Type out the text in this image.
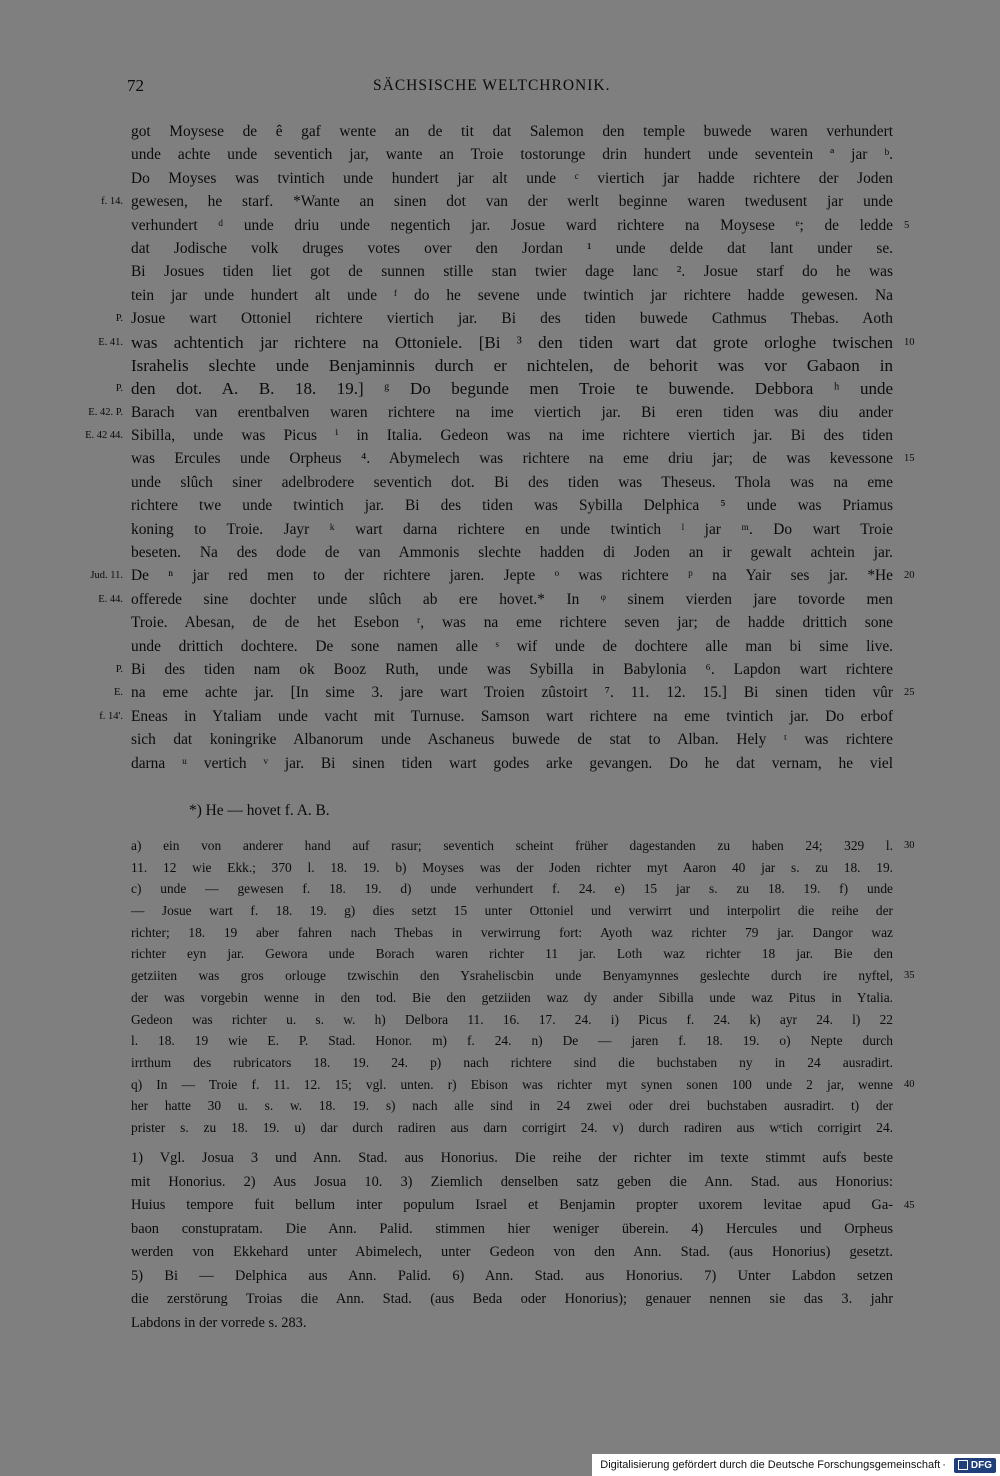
72	SÄCHSISCHE WELTCHRONIK.
got Moysese de ê gaf wente an de tit dat Salemon den temple buwede waren verhundert
unde achte unde seventich jar, wante an Troie tostorunge drin hundert unde seventein ª jar ᵇ.
Do Moyses was tvintich unde hundert jar alt unde ᶜ viertich jar hadde richtere der Joden
gewesen, he starf. *Wante an sinen dot van der werlt beginne waren twedusent jar unde
f. 14.
verhundert ᵈ unde driu unde negentich jar. Josue ward richtere na Moysese ᵉ; de ledde 5
dat Jodische volk druges votes over den Jordan ¹ unde delde dat lant under se.
Bi Josues tiden liet got de sunnen stille stan twier dage lanc ². Josue starf do he was
tein jar unde hundert alt unde ᶠ do he sevene unde twintich jar richtere hadde gewesen. Na
Josue wart Ottoniel richtere viertich jar. Bi des tiden buwede Cathmus Thebas. Aoth
P.
was achtentich jar richtere na Ottoniele. [Bi ³ den tiden wart dat grote orloghe twischen
E. 41.	10
Israhelis slechte unde Benjaminnis durch er nichtelen, de behorit was vor Gabaon in
den dot. A. B. 18. 19.] ᵍ Do begunde men Troie te buwende. Debbora ʰ unde
P.
Barach van erentbalven waren richtere na ime viertich jar. Bi eren tiden was diu ander
E. 42. P.
Sibilla, unde was Picus ⁱ in Italia. Gedeon was na ime richtere viertich jar. Bi des tiden
E. 42 44.
was Ercules unde Orpheus ⁴. Abymelech was richtere na eme driu jar; de was kevessone 15
unde slûch siner adelbrodere seventich dot. Bi des tiden was Theseus. Thola was na eme
richtere twe unde twintich jar. Bi des tiden was Sybilla Delphica ⁵ unde was Priamus
koning to Troie. Jayr ᵏ wart darna richtere en unde twintich ˡ jar ᵐ. Do wart Troie
beseten. Na des dode de van Ammonis slechte hadden di Joden an ir gewalt achtein jar.
De ⁿ jar red men to der richtere jaren. Jepte ᵒ was richtere ᵖ na Yair ses jar. *He
Jud. 11.	20
offerede sine dochter unde slûch ab ere hovet.* In ᵠ sinem vierden jare tovorde men
E. 44.
Troie. Abesan, de de het Esebon ʳ, was na eme richtere seven jar; de hadde drittich sone
unde drittich dochtere. De sone namen alle ˢ wif unde de dochtere alle man bi sime live.
Bi des tiden nam ok Booz Ruth, unde was Sybilla in Babylonia ⁶. Lapdon wart richtere
P.
na eme achte jar. [In sime 3. jare wart Troien zûstoirt ⁷. 11. 12. 15.] Bi sinen tiden vûr
E.	25
Eneas in Ytaliam unde vacht mit Turnuse. Samson wart richtere na eme tvintich jar. Do erbof
f. 14'.
sich dat koningrike Albanorum unde Aschaneus buwede de stat to Alban. Hely ᵗ was richtere
darna ᵘ vertich ᵛ jar. Bi sinen tiden wart godes arke gevangen. Do he dat vernam, he viel
*) He — hovet f. A. B.
a) ein von anderer hand auf rasur; seventich scheint früher dagestanden zu haben 24; 329 l. 30
11. 12 wie Ekk.; 370 l. 18. 19. b) Moyses was der Joden richter myt Aaron 40 jar s. zu 18. 19.
c) unde — gewesen f. 18. 19. d) unde verhundert f. 24. e) 15 jar s. zu 18. 19. f) unde
— Josue wart f. 18. 19. g) dies setzt 15 unter Ottoniel und verwirrt und interpolirt die reihe der
richter; 18. 19 aber fahren nach Thebas in verwirrung fort: Ayoth waz richter 79 jar. Dangor waz
richter eyn jar. Gewora unde Borach waren richter 11 jar. Loth waz richter 18 jar. Bie den
getziiten was gros orlouge tzwischin den Ysraheliscbin unde Benyamynnes geslechte durch ire nyftel, 35
der was vorgebin wenne in den tod. Bie den getziiden waz dy ander Sibilla unde waz Pitus in Ytalia.
Gedeon was richter u. s. w. h) Delbora 11. 16. 17. 24. i) Picus f. 24. k) ayr 24. l) 22
l. 18. 19 wie E. P. Stad. Honor. m) f. 24. n) De — jaren f. 18. 19. o) Nepte durch
irrthum des rubricators 18. 19. 24. p) nach richtere sind die buchstaben ny in 24 ausradirt.
q) In — Troie f. 11. 12. 15; vgl. unten. r) Ebison was richter myt synen sonen 100 unde 2 jar, wenne 40
her hatte 30 u. s. w. 18. 19. s) nach alle sind in 24 zwei oder drei buchstaben ausradirt. t) der
prister s. zu 18. 19. u) dar durch radiren aus darn corrigirt 24. v) durch radiren aus wᵉtich corrigirt 24.
1) Vgl. Josua 3 und Ann. Stad. aus Honorius. Die reihe der richter im texte stimmt aufs beste
mit Honorius. 2) Aus Josua 10. 3) Ziemlich denselben satz geben die Ann. Stad. aus Honorius:
Huius tempore fuit bellum inter populum Israel et Benjamin propter uxorem levitae apud Ga- 45
baon constupratam. Die Ann. Palid. stimmen hier weniger überein. 4) Hercules und Orpheus
werden von Ekkehard unter Abimelech, unter Gedeon von den Ann. Stad. (aus Honorius) gesetzt.
5) Bi — Delphica aus Ann. Palid. 6) Ann. Stad. aus Honorius. 7) Unter Labdon setzen
die zerstörung Troias die Ann. Stad. (aus Beda oder Honorius); genauer nennen sie das 3. jahr
Labdons in der vorrede s. 283.
Digitalisierung gefördert durch die Deutsche Forschungsgemeinschaft ·	DFG
